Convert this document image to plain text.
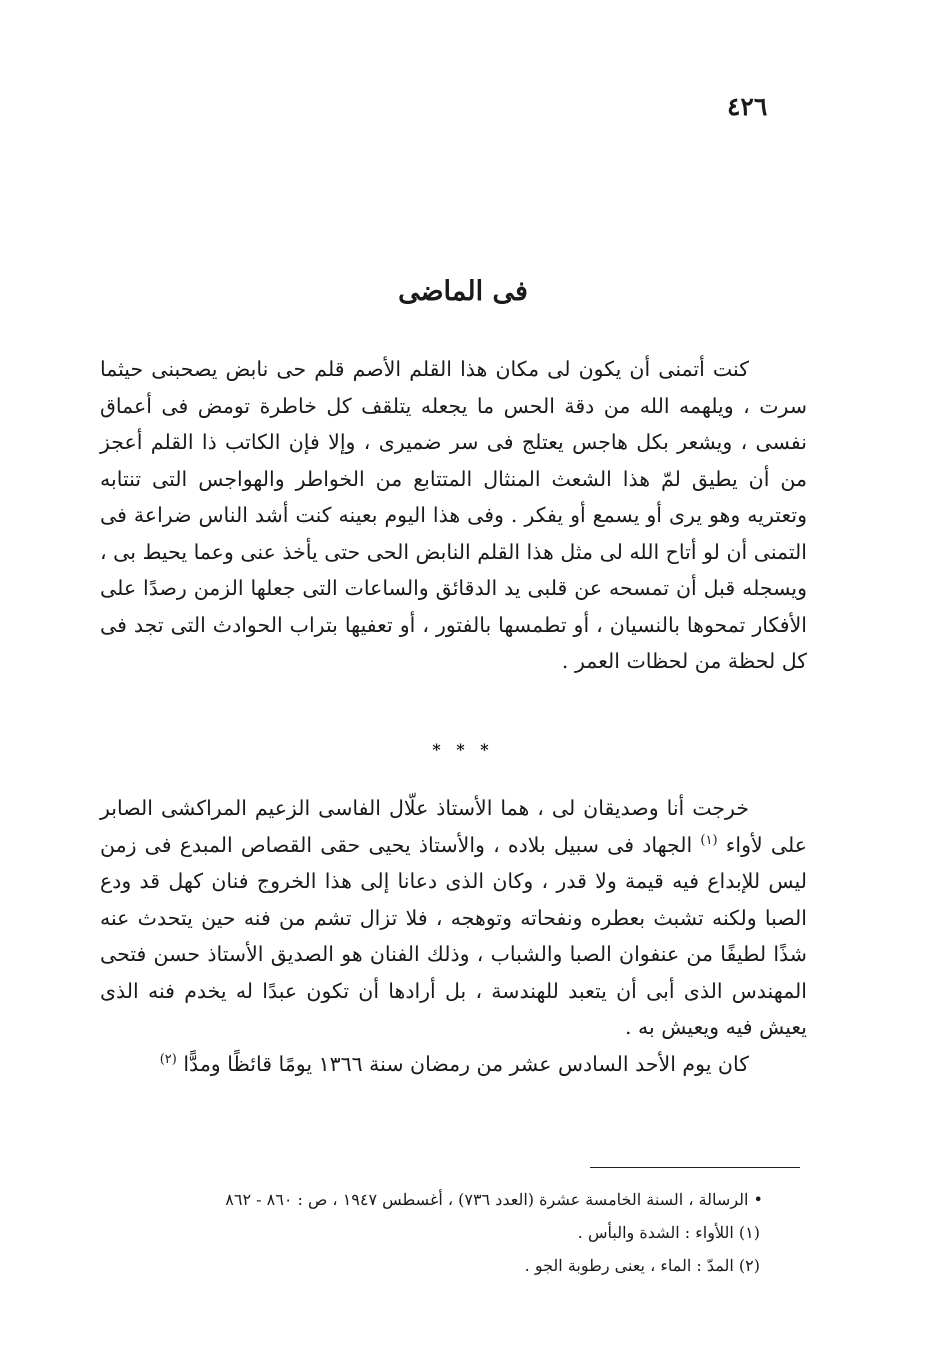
٤٢٦
فى الماضى

كنت أتمنى أن يكون لى مكان هذا القلم الأصم قلم حى نابض يصحبنى حيثما سرت ، ويلهمه الله من دقة الحس ما يجعله يتلقف كل خاطرة تومض فى أعماق نفسى ، ويشعر بكل هاجس يعتلج فى سر ضميرى ، وإلا فإن الكاتب ذا القلم أعجز من أن يطيق لمّ هذا الشعث المنثال المتتابع من الخواطر والهواجس التى تنتابه وتعتريه وهو يرى أو يسمع أو يفكر . وفى هذا اليوم بعينه كنت أشد الناس ضراعة فى التمنى أن لو أتاح الله لى مثل هذا القلم النابض الحى حتى يأخذ عنى وعما يحيط بى ، ويسجله قبل أن تمسحه عن قلبى يد الدقائق والساعات التى جعلها الزمن رصدًا على الأفكار تمحوها بالنسيان ، أو تطمسها بالفتور ، أو تعفيها بتراب الحوادث التى تجد فى كل لحظة من لحظات العمر .

* * *

خرجت أنا وصديقان لى ، هما الأستاذ علّال الفاسى الزعيم المراكشى الصابر على لأواء $^{(١)}$ الجهاد فى سبيل بلاده ، والأستاذ يحيى حقى القصاص المبدع فى زمن ليس للإبداع فيه قيمة ولا قدر ، وكان الذى دعانا إلى هذا الخروج فنان كهل قد ودع الصبا ولكنه تشبث بعطره ونفحاته وتوهجه ، فلا تزال تشم من فنه حين يتحدث عنه شذًا لطيفًا من عنفوان الصبا والشباب ، وذلك الفنان هو الصديق الأستاذ حسن فتحى المهندس الذى أبى أن يتعبد للهندسة ، بل أرادها أن تكون عبدًا له يخدم فنه الذى يعيش فيه ويعيش به .

كان يوم الأحد السادس عشر من رمضان سنة ١٣٦٦ يومًا قائظًا ومدًّا $^{(٢)}$

• الرسالة ، السنة الخامسة عشرة (العدد ٧٣٦) ، أغسطس ١٩٤٧ ، ص : ٨٦٠ - ٨٦٢

(١) اللأواء : الشدة والبأس .

(٢) المدّ : الماء ، يعنى رطوبة الجو .
